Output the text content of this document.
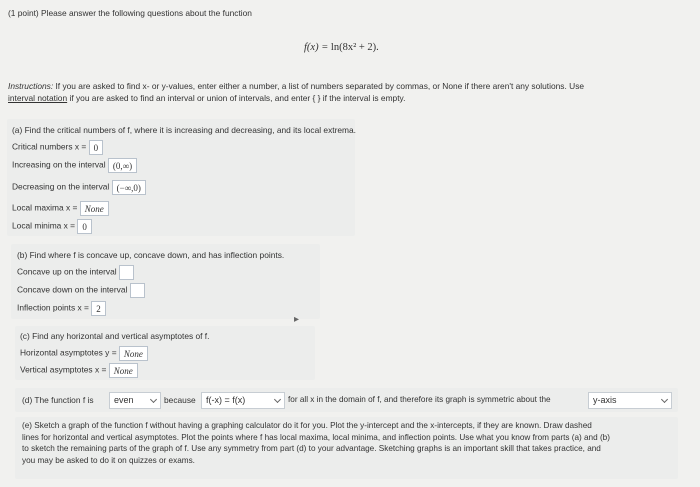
(1 point) Please answer the following questions about the function
f(x) = ln(8x² + 2).
Instructions: If you are asked to find x- or y-values, enter either a number, a list of numbers separated by commas, or None if there aren't any solutions. Use
interval notation if you are asked to find an interval or union of intervals, and enter { } if the interval is empty.
(a) Find the critical numbers of f, where it is increasing and decreasing, and its local extrema.
Critical numbers x = 0
Increasing on the interval (0,∞)
Decreasing on the interval (−∞,0)
Local maxima x = None
Local minima x = 0
(b) Find where f is concave up, concave down, and has inflection points.
Concave up on the interval
Concave down on the interval
Inflection points x = 2
(c) Find any horizontal and vertical asymptotes of f.
Horizontal asymptotes y = None
Vertical asymptotes x = None
▸
(d) The function f is	even	because	f(-x) = f(x)	for all x in the domain of f, and therefore its graph is symmetric about the	y-axis
(e) Sketch a graph of the function f without having a graphing calculator do it for you. Plot the y-intercept and the x-intercepts, if they are known. Draw dashed
lines for horizontal and vertical asymptotes. Plot the points where f has local maxima, local minima, and inflection points. Use what you know from parts (a) and (b)
to sketch the remaining parts of the graph of f. Use any symmetry from part (d) to your advantage. Sketching graphs is an important skill that takes practice, and
you may be asked to do it on quizzes or exams.
